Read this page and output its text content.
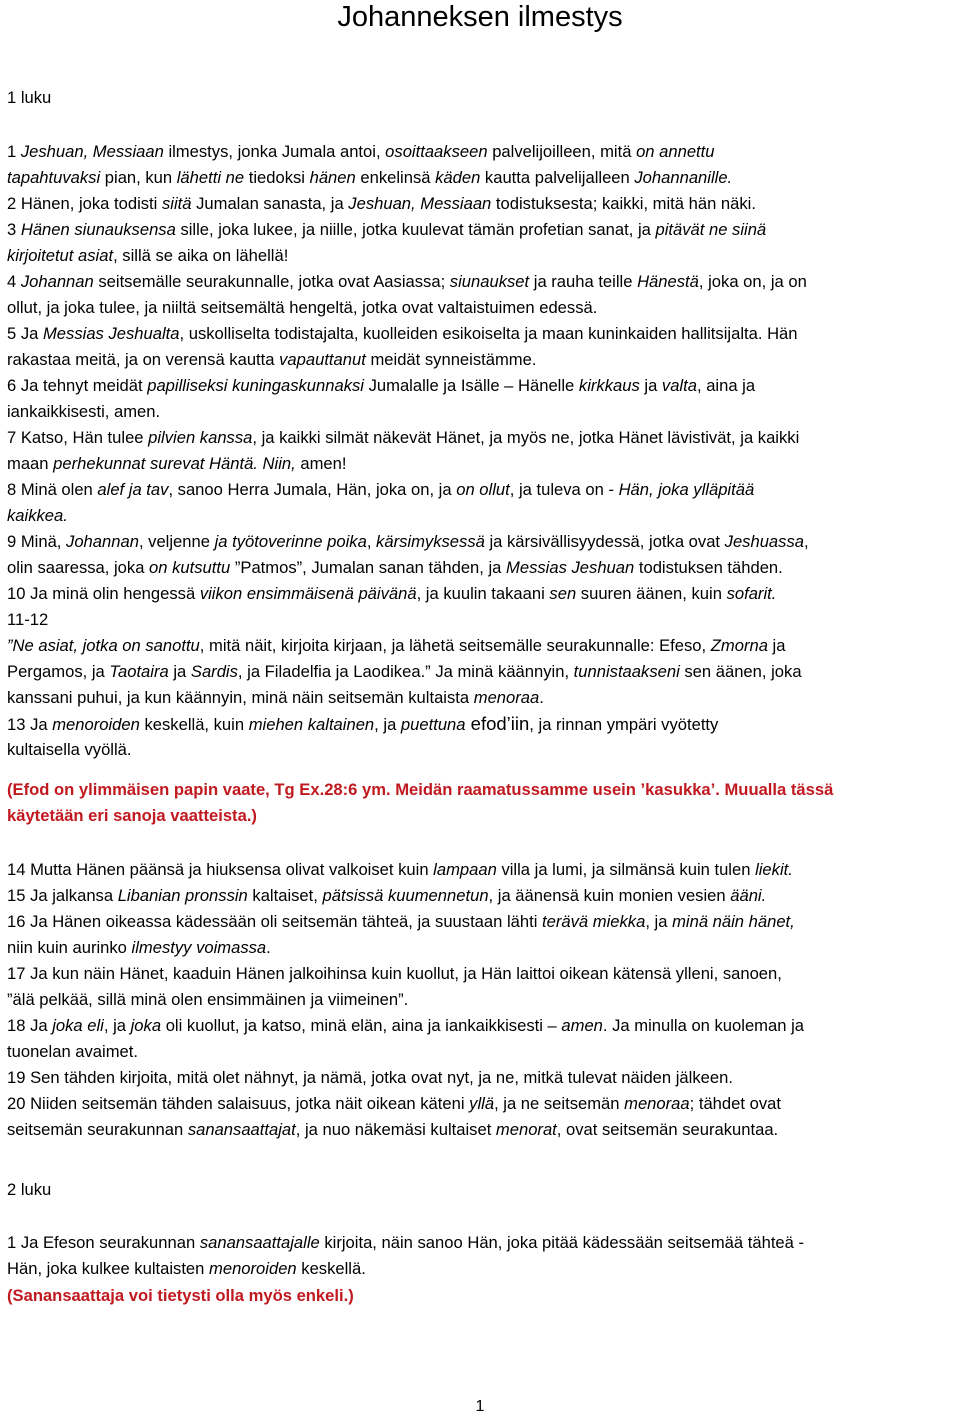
Johanneksen ilmestys
1 luku
1 Jeshuan, Messiaan ilmestys, jonka Jumala antoi, osoittaakseen palvelijoilleen, mitä on annettu
tapahtuvaksi pian, kun lähetti ne tiedoksi hänen enkelinsä käden kautta palvelijalleen Johannanille.
2 Hänen, joka todisti siitä Jumalan sanasta, ja Jeshuan, Messiaan todistuksesta; kaikki, mitä hän näki.
3 Hänen siunauksensa sille, joka lukee, ja niille, jotka kuulevat tämän profetian sanat, ja pitävät ne siinä
kirjoitetut asiat, sillä se aika on lähellä!
4 Johannan seitsemälle seurakunnalle, jotka ovat Aasiassa; siunaukset ja rauha teille Hänestä, joka on, ja on
ollut, ja joka tulee, ja niiltä seitsemältä hengeltä, jotka ovat valtaistuimen edessä.
5 Ja Messias Jeshualta, uskolliselta todistajalta, kuolleiden esikoiselta ja maan kuninkaiden hallitsijalta. Hän
rakastaa meitä, ja on verensä kautta vapauttanut meidät synneistämme.
6 Ja tehnyt meidät papilliseksi kuningaskunnaksi Jumalalle ja Isälle – Hänelle kirkkaus ja valta, aina ja
iankaikkisesti, amen.
7 Katso, Hän tulee pilvien kanssa, ja kaikki silmät näkevät Hänet, ja myös ne, jotka Hänet lävistivät, ja kaikki
maan perhekunnat surevat Häntä. Niin, amen!
8 Minä olen alef ja tav, sanoo Herra Jumala, Hän, joka on, ja on ollut, ja tuleva on - Hän, joka ylläpitää
kaikkea.
9 Minä, Johannan, veljenne ja työtoverinne poika, kärsimyksessä ja kärsivällisyydessä, jotka ovat Jeshuassa,
olin saaressa, joka on kutsuttu ”Patmos”, Jumalan sanan tähden, ja Messias Jeshuan todistuksen tähden.
10 Ja minä olin hengessä viikon ensimmäisenä päivänä, ja kuulin takaani sen suuren äänen, kuin sofarit.
11-12
”Ne asiat, jotka on sanottu, mitä näit, kirjoita kirjaan, ja lähetä seitsemälle seurakunnalle: Efeso, Zmorna ja
Pergamos, ja Taotaira ja Sardis, ja Filadelfia ja Laodikea.” Ja minä käännyin, tunnistaakseni sen äänen, joka
kanssani puhui, ja kun käännyin, minä näin seitsemän kultaista menoraa.
13 Ja menoroiden keskellä, kuin miehen kaltainen, ja puettuna efod’iin, ja rinnan ympäri vyötetty
kultaisella vyöllä.
(Efod on ylimmäisen papin vaate, Tg Ex.28:6 ym. Meidän raamatussamme usein ’kasukka’. Muualla tässä
käytetään eri sanoja vaatteista.)
14 Mutta Hänen päänsä ja hiuksensa olivat valkoiset kuin lampaan villa ja lumi, ja silmänsä kuin tulen liekit.
15 Ja jalkansa Libanian pronssin kaltaiset, pätsissä kuumennetun, ja äänensä kuin monien vesien ääni.
16 Ja Hänen oikeassa kädessään oli seitsemän tähteä, ja suustaan lähti terävä miekka, ja minä näin hänet,
niin kuin aurinko ilmestyy voimassa.
17 Ja kun näin Hänet, kaaduin Hänen jalkoihinsa kuin kuollut, ja Hän laittoi oikean kätensä ylleni, sanoen,
”älä pelkää, sillä minä olen ensimmäinen ja viimeinen”.
18 Ja joka eli, ja joka oli kuollut, ja katso, minä elän, aina ja iankaikkisesti – amen. Ja minulla on kuoleman ja
tuonelan avaimet.
19 Sen tähden kirjoita, mitä olet nähnyt, ja nämä, jotka ovat nyt, ja ne, mitkä tulevat näiden jälkeen.
20 Niiden seitsemän tähden salaisuus, jotka näit oikean käteni yllä, ja ne seitsemän menoraa; tähdet ovat
seitsemän seurakunnan sanansaattajat, ja nuo näkemäsi kultaiset menorat, ovat seitsemän seurakuntaa.
2 luku
1 Ja Efeson seurakunnan sanansaattajalle kirjoita, näin sanoo Hän, joka pitää kädessään seitsemää tähteä -
Hän, joka kulkee kultaisten menoroiden keskellä.
(Sanansaattaja voi tietysti olla myös enkeli.)
1
